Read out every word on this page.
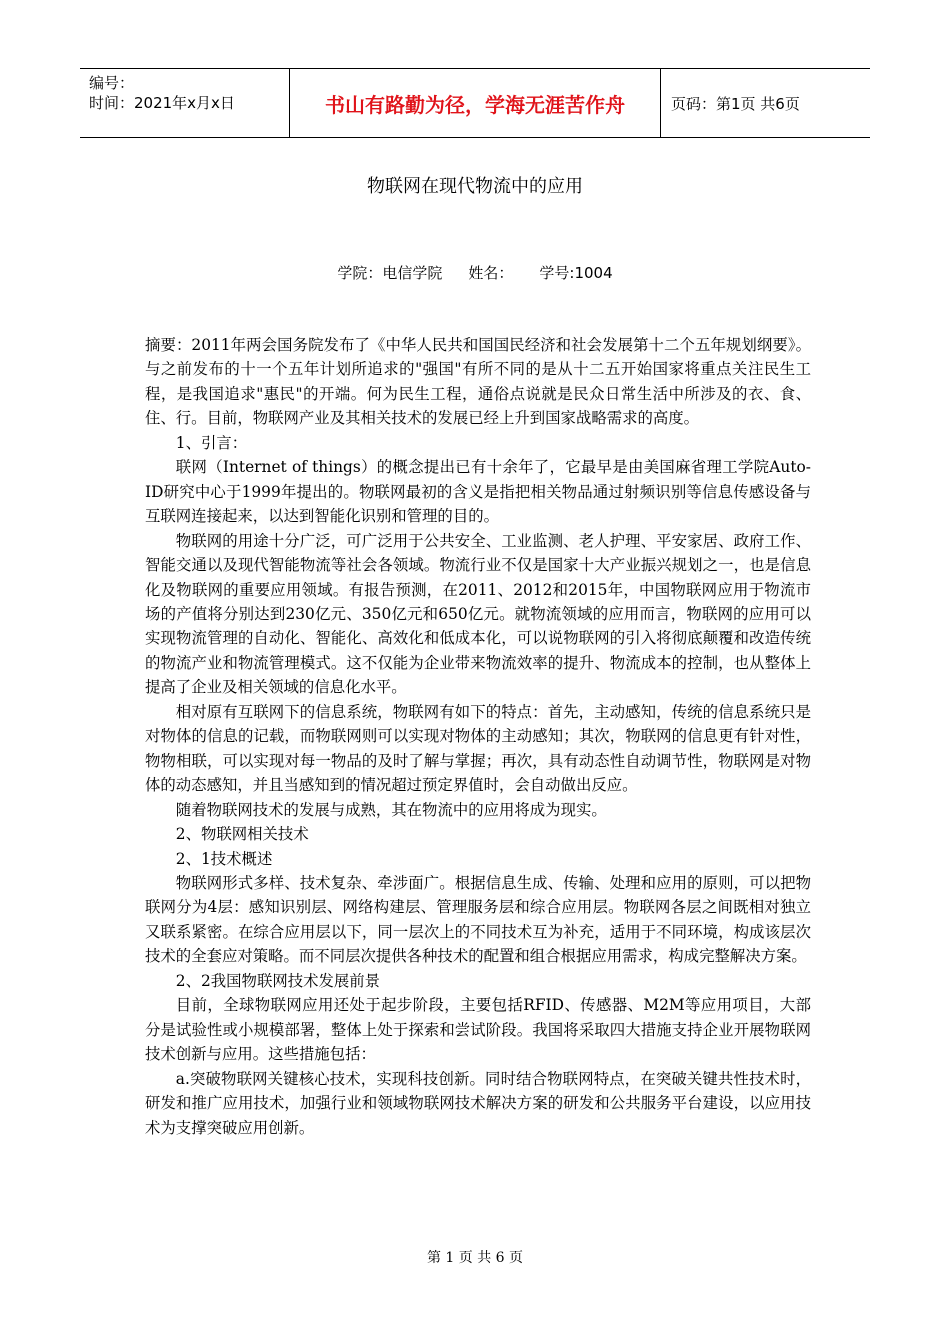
编号：
时间：2021年x月x日	书山有路勤为径，学海无涯苦作舟	页码：第1页 共6页
物联网在现代物流中的应用
学院：电信学院 姓名： 学号:1004

摘要：2011年两会国务院发布了《中华人民共和国国民经济和社会发展第十二个五年规划纲要》。与之前发布的十一个五年计划所追求的"强国"有所不同的是从十二五开始国家将重点关注民生工程，是我国追求"惠民"的开端。何为民生工程，通俗点说就是民众日常生活中所涉及的衣、食、住、行。目前，物联网产业及其相关技术的发展已经上升到国家战略需求的高度。

1、引言：

联网（Internet of things）的概念提出已有十余年了，它最早是由美国麻省理工学院Auto-ID研究中心于1999年提出的。物联网最初的含义是指把相关物品通过射频识别等信息传感设备与互联网连接起来，以达到智能化识别和管理的目的。

物联网的用途十分广泛，可广泛用于公共安全、工业监测、老人护理、平安家居、政府工作、智能交通以及现代智能物流等社会各领域。物流行业不仅是国家十大产业振兴规划之一，也是信息化及物联网的重要应用领域。有报告预测，在2011、2012和2015年，中国物联网应用于物流市场的产值将分别达到230亿元、350亿元和650亿元。就物流领域的应用而言，物联网的应用可以实现物流管理的自动化、智能化、高效化和低成本化，可以说物联网的引入将彻底颠覆和改造传统的物流产业和物流管理模式。这不仅能为企业带来物流效率的提升、物流成本的控制，也从整体上提高了企业及相关领域的信息化水平。

相对原有互联网下的信息系统，物联网有如下的特点：首先，主动感知，传统的信息系统只是对物体的信息的记载，而物联网则可以实现对物体的主动感知；其次，物联网的信息更有针对性，物物相联，可以实现对每一物品的及时了解与掌握；再次，具有动态性自动调节性，物联网是对物体的动态感知，并且当感知到的情况超过预定界值时，会自动做出反应。

随着物联网技术的发展与成熟，其在物流中的应用将成为现实。

2、物联网相关技术

2、1技术概述

物联网形式多样、技术复杂、牵涉面广。根据信息生成、传输、处理和应用的原则，可以把物联网分为4层：感知识别层、网络构建层、管理服务层和综合应用层。物联网各层之间既相对独立又联系紧密。在综合应用层以下，同一层次上的不同技术互为补充，适用于不同环境，构成该层次技术的全套应对策略。而不同层次提供各种技术的配置和组合根据应用需求，构成完整解决方案。

2、2我国物联网技术发展前景

目前，全球物联网应用还处于起步阶段，主要包括RFID、传感器、M2M等应用项目，大部分是试验性或小规模部署，整体上处于探索和尝试阶段。我国将采取四大措施支持企业开展物联网技术创新与应用。这些措施包括：

a.突破物联网关键核心技术，实现科技创新。同时结合物联网特点，在突破关键共性技术时，研发和推广应用技术，加强行业和领域物联网技术解决方案的研发和公共服务平台建设，以应用技术为支撑突破应用创新。

第 1 页 共 6 页
